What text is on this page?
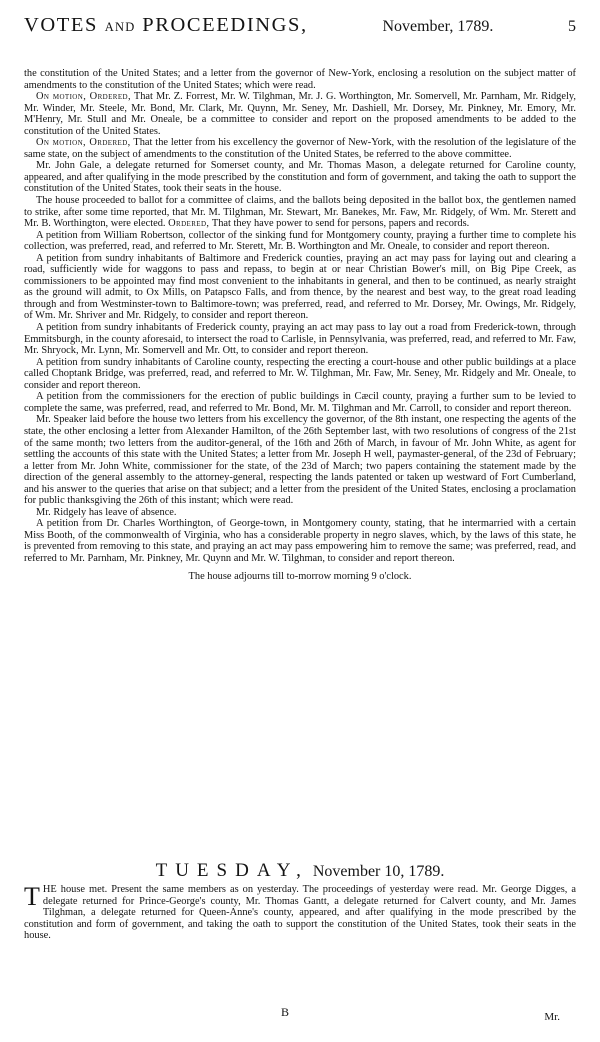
VOTES AND PROCEEDINGS,	November, 1789.	5

the constitution of the United States; and a letter from the governor of New-York, enclosing a resolution on the subject matter of amendments to the constitution of the United States; which were read.

On motion, Ordered, That Mr. Z. Forrest, Mr. W. Tilghman, Mr. J. G. Worthington, Mr. Somervell, Mr. Parnham, Mr. Ridgely, Mr. Winder, Mr. Steele, Mr. Bond, Mr. Clark, Mr. Quynn, Mr. Seney, Mr. Dashiell, Mr. Dorsey, Mr. Pinkney, Mr. Emory, Mr. M'Henry, Mr. Stull and Mr. Oneale, be a committee to consider and report on the proposed amendments to be added to the constitution of the United States.

On motion, Ordered, That the letter from his excellency the governor of New-York, with the resolution of the legislature of the same state, on the subject of amendments to the constitution of the United States, be referred to the above committee.

Mr. John Gale, a delegate returned for Somerset county, and Mr. Thomas Mason, a delegate returned for Caroline county, appeared, and after qualifying in the mode prescribed by the constitution and form of government, and taking the oath to support the constitution of the United States, took their seats in the house.

The house proceeded to ballot for a committee of claims, and the ballots being deposited in the ballot box, the gentlemen named to strike, after some time reported, that Mr. M. Tilghman, Mr. Stewart, Mr. Banekes, Mr. Faw, Mr. Ridgely, of Wm. Mr. Sterett and Mr. B. Worthington, were elected. Ordered, That they have power to send for persons, papers and records.

A petition from William Robertson, collector of the sinking fund for Montgomery county, praying a further time to complete his collection, was preferred, read, and referred to Mr. Sterett, Mr. B. Worthington and Mr. Oneale, to consider and report thereon.

A petition from sundry inhabitants of Baltimore and Frederick counties, praying an act may pass for laying out and clearing a road, sufficiently wide for waggons to pass and repass, to begin at or near Christian Bower's mill, on Big Pipe Creek, as commissioners to be appointed may find most convenient to the inhabitants in general, and then to be continued, as nearly straight as the ground will admit, to Ox Mills, on Patapsco Falls, and from thence, by the nearest and best way, to the great road leading through and from Westminster-town to Baltimore-town; was preferred, read, and referred to Mr. Dorsey, Mr. Owings, Mr. Ridgely, of Wm. Mr. Shriver and Mr. Ridgely, to consider and report thereon.

A petition from sundry inhabitants of Frederick county, praying an act may pass to lay out a road from Frederick-town, through Emmitsburgh, in the county aforesaid, to intersect the road to Carlisle, in Pennsylvania, was preferred, read, and referred to Mr. Faw, Mr. Shryock, Mr. Lynn, Mr. Somervell and Mr. Ott, to consider and report thereon.

A petition from sundry inhabitants of Caroline county, respecting the erecting a court-house and other public buildings at a place called Choptank Bridge, was preferred, read, and referred to Mr. W. Tilghman, Mr. Faw, Mr. Seney, Mr. Ridgely and Mr. Oneale, to consider and report thereon.

A petition from the commissioners for the erection of public buildings in Cæcil county, praying a further sum to be levied to complete the same, was preferred, read, and referred to Mr. Bond, Mr. M. Tilghman and Mr. Carroll, to consider and report thereon.

Mr. Speaker laid before the house two letters from his excellency the governor, of the 8th instant, one respecting the agents of the state, the other enclosing a letter from Alexander Hamilton, of the 26th September last, with two resolutions of congress of the 21st of the same month; two letters from the auditor-general, of the 16th and 26th of March, in favour of Mr. John White, as agent for settling the accounts of this state with the United States; a letter from Mr. Joseph H well, paymaster-general, of the 23d of February; a letter from Mr. John White, commissioner for the state, of the 23d of March; two papers containing the statement made by the direction of the general assembly to the attorney-general, respecting the lands patented or taken up westward of Fort Cumberland, and his answer to the queries that arise on that subject; and a letter from the president of the United States, enclosing a proclamation for public thanksgiving the 26th of this instant; which were read.

Mr. Ridgely has leave of absence.

A petition from Dr. Charles Worthington, of George-town, in Montgomery county, stating, that he intermarried with a certain Miss Booth, of the commonwealth of Virginia, who has a considerable property in negro slaves, which, by the laws of this state, he is prevented from removing to this state, and praying an act may pass empowering him to remove the same; was preferred, read, and referred to Mr. Parnham, Mr. Pinkney, Mr. Quynn and Mr. W. Tilghman, to consider and report thereon.

The house adjourns till to-morrow morning 9 o'clock.

TUESDAY, November 10, 1789.
THE house met. Present the same members as on yesterday. The proceedings of yesterday were read. Mr. George Digges, a delegate returned for Prince-George's county, Mr. Thomas Gantt, a delegate returned for Calvert county, and Mr. James Tilghman, a delegate returned for Queen-Anne's county, appeared, and after qualifying in the mode prescribed by the constitution and form of government, and taking the oath to support the constitution of the United States, took their seats in the house.
B	Mr.
